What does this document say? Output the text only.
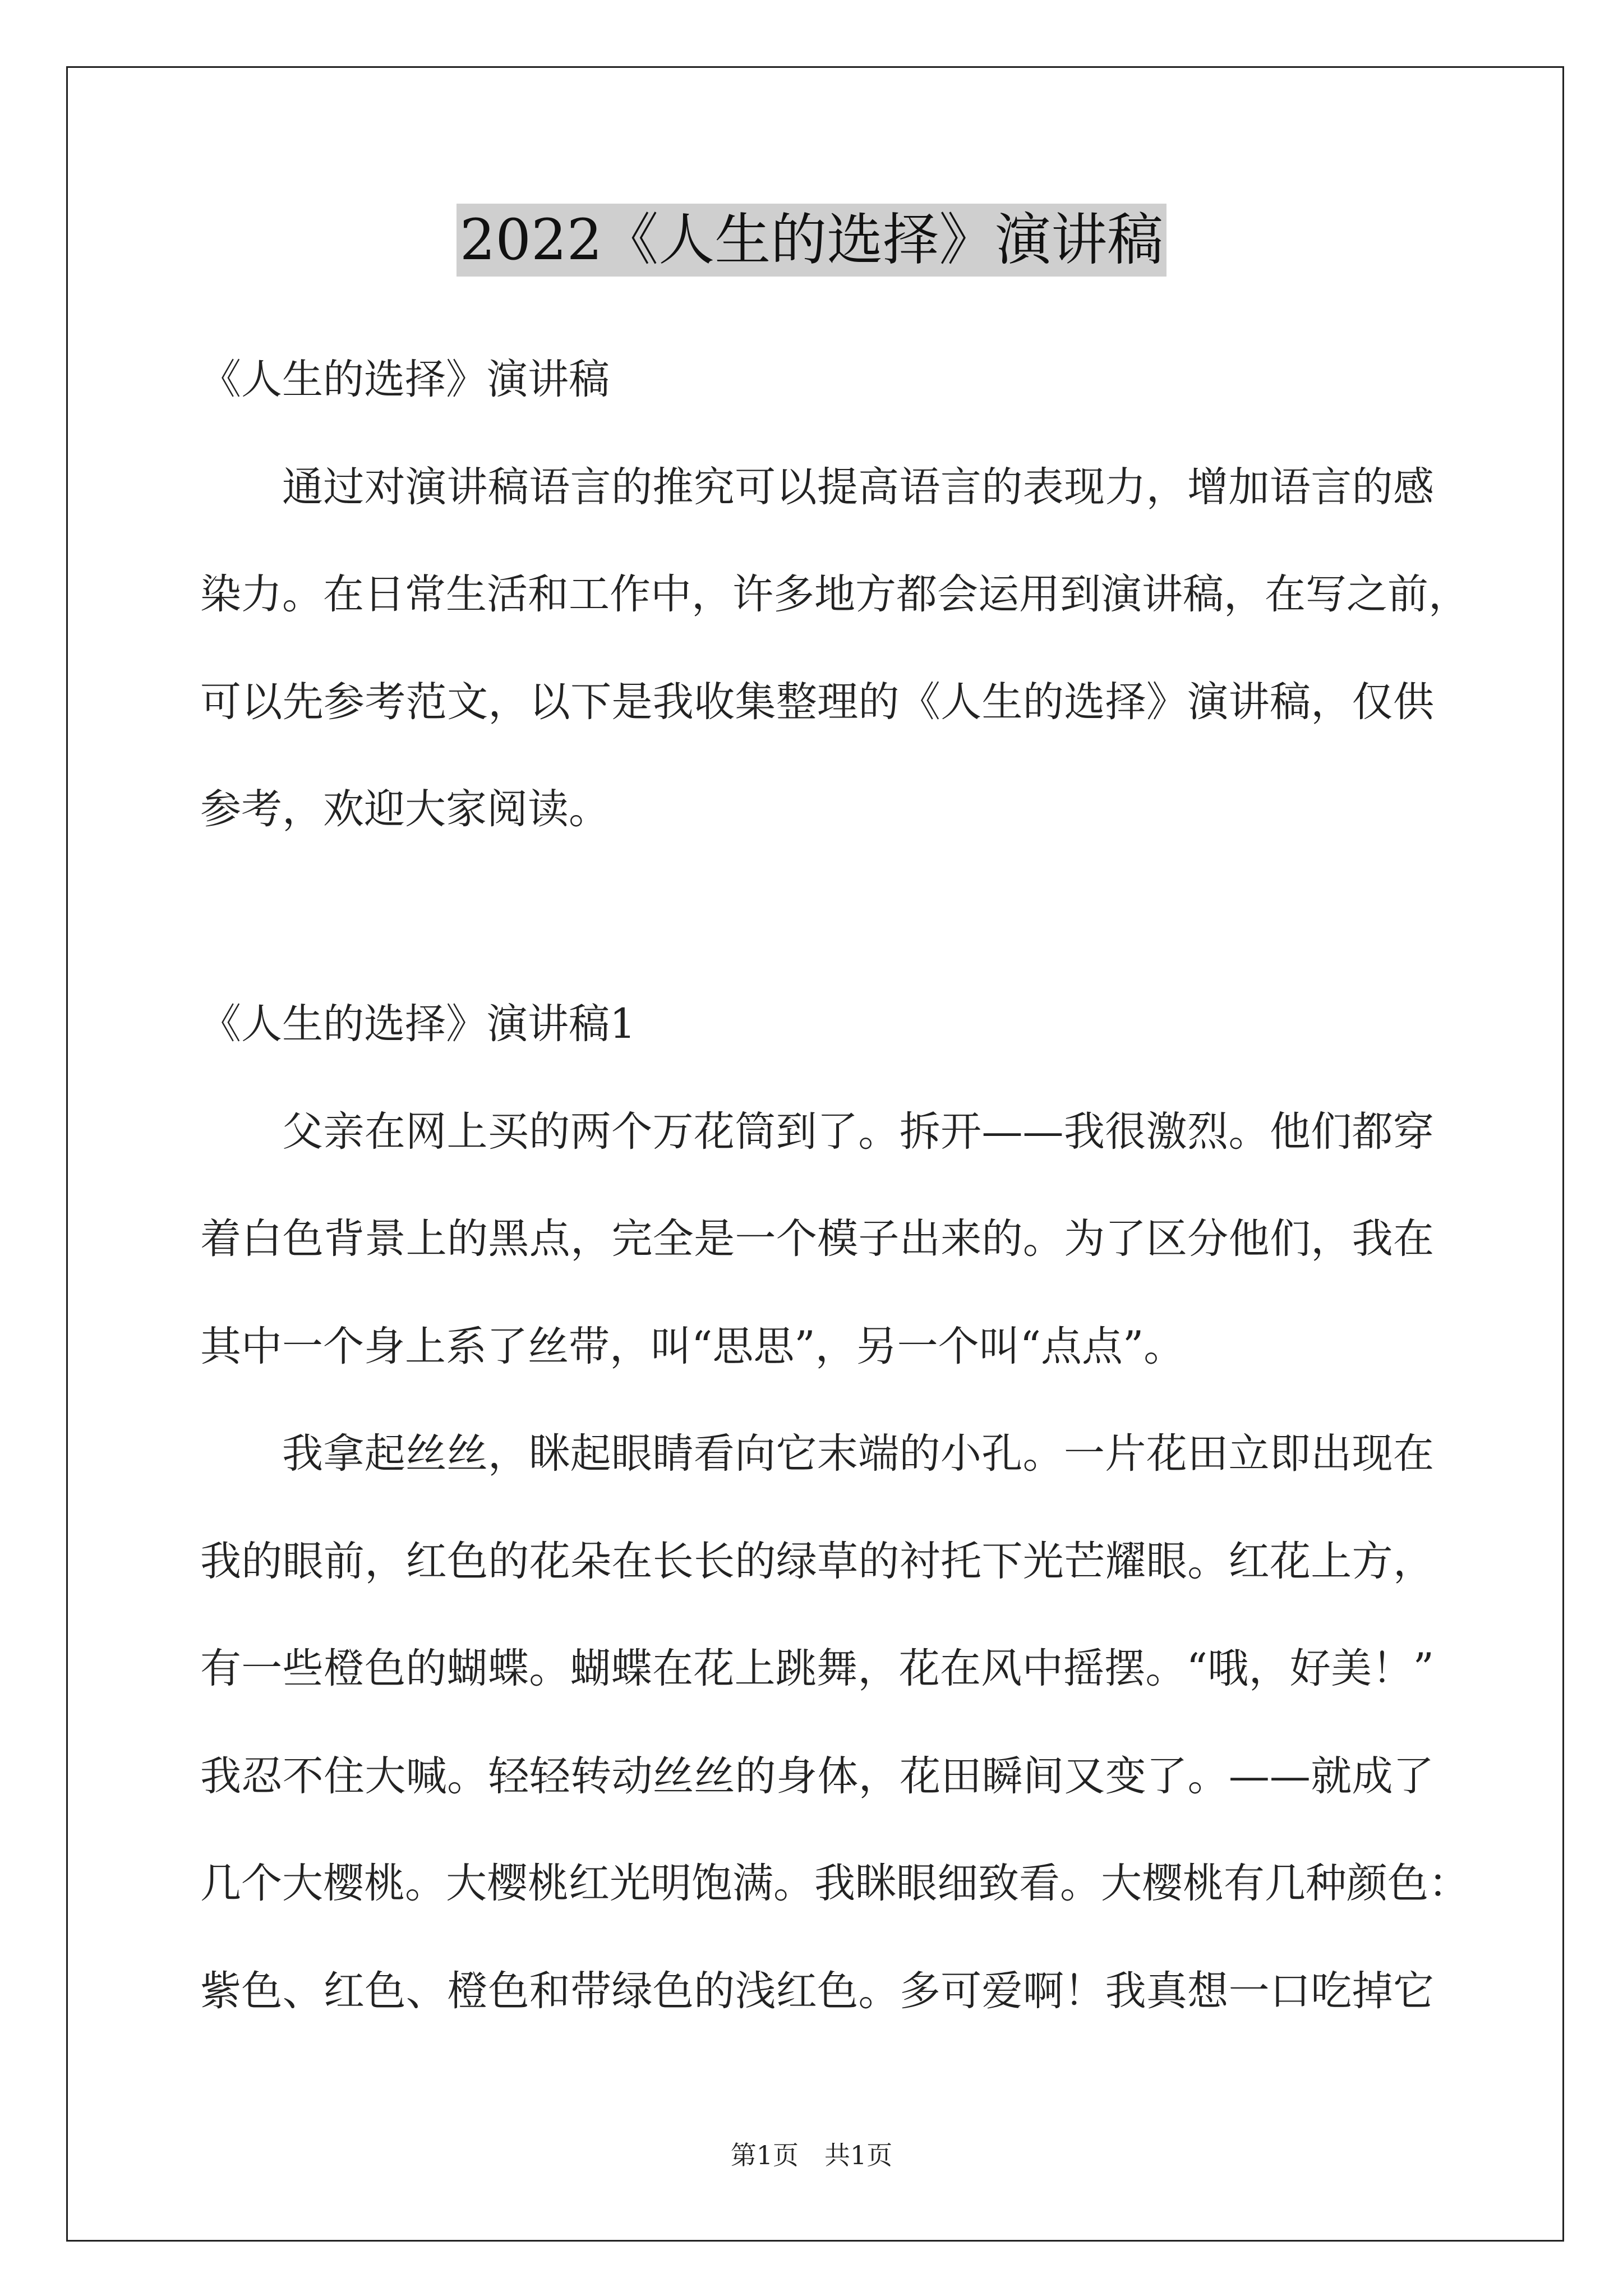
2022《人生的选择》演讲稿
《人生的选择》演讲稿
通过对演讲稿语言的推究可以提高语言的表现力，增加语言的感
染力。在日常生活和工作中，许多地方都会运用到演讲稿，在写之前，
可以先参考范文，以下是我收集整理的《人生的选择》演讲稿，仅供
参考，欢迎大家阅读。
《人生的选择》演讲稿1
父亲在网上买的两个万花筒到了。拆开——我很激烈。他们都穿
着白色背景上的黑点，完全是一个模子出来的。为了区分他们，我在
其中一个身上系了丝带，叫“思思”，另一个叫“点点”。
我拿起丝丝，眯起眼睛看向它末端的小孔。一片花田立即出现在
我的眼前，红色的花朵在长长的绿草的衬托下光芒耀眼。红花上方，
有一些橙色的蝴蝶。蝴蝶在花上跳舞，花在风中摇摆。“哦，好美！”
我忍不住大喊。轻轻转动丝丝的身体，花田瞬间又变了。——就成了
几个大樱桃。大樱桃红光明饱满。我眯眼细致看。大樱桃有几种颜色：
紫色、红色、橙色和带绿色的浅红色。多可爱啊！我真想一口吃掉它
第1页 共1页
